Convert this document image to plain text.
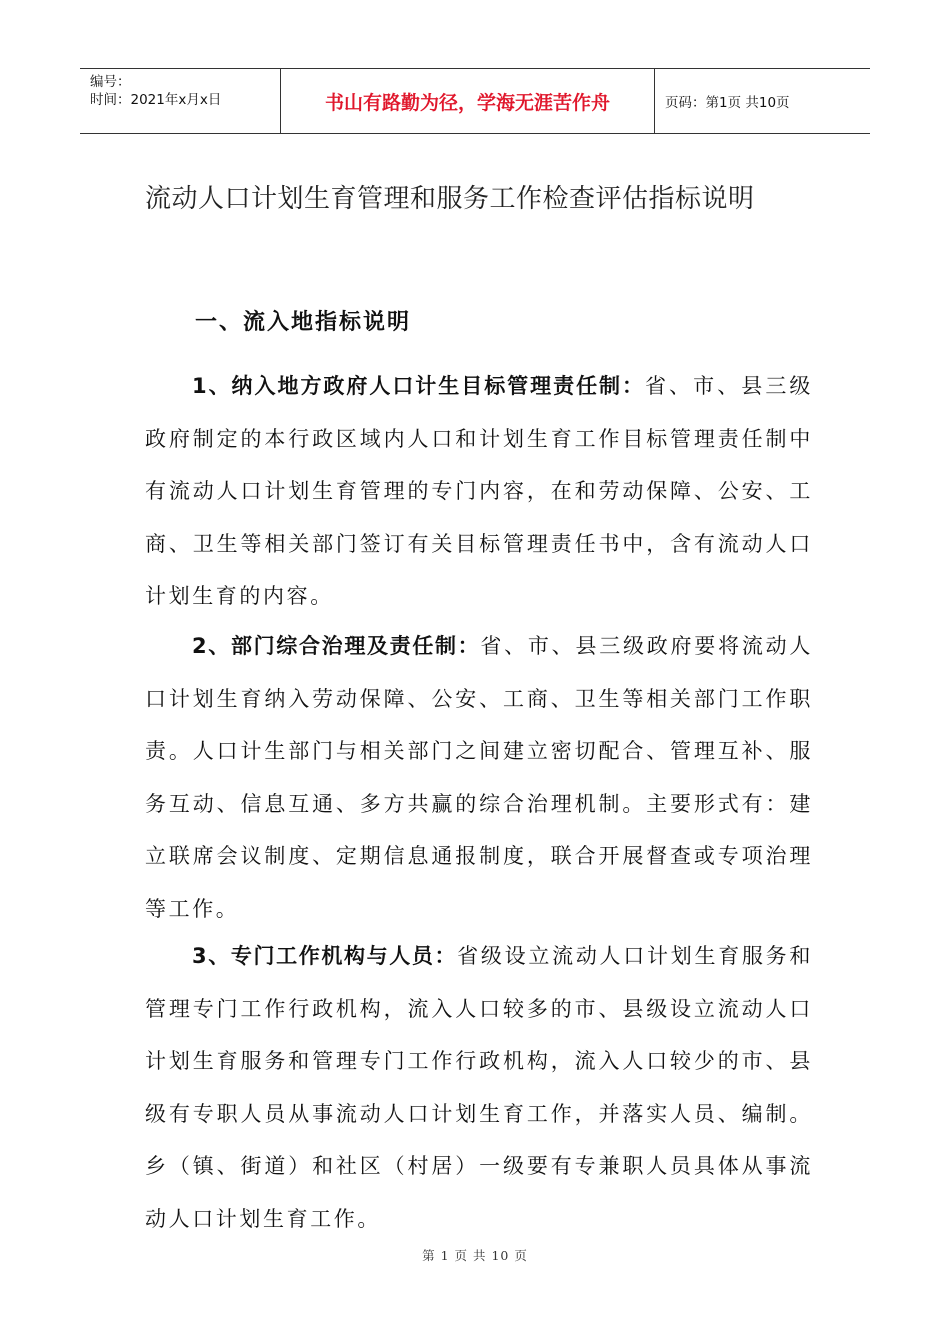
编号：
时间：2021年x月x日	书山有路勤为径，学海无涯苦作舟	页码：第1页 共10页
流动人口计划生育管理和服务工作检查评估指标说明
一、流入地指标说明

1、纳入地方政府人口计生目标管理责任制：省、市、县三级政府制定的本行政区域内人口和计划生育工作目标管理责任制中有流动人口计划生育管理的专门内容，在和劳动保障、公安、工商、卫生等相关部门签订有关目标管理责任书中，含有流动人口计划生育的内容。

2、部门综合治理及责任制：省、市、县三级政府要将流动人口计划生育纳入劳动保障、公安、工商、卫生等相关部门工作职责。人口计生部门与相关部门之间建立密切配合、管理互补、服务互动、信息互通、多方共赢的综合治理机制。主要形式有：建立联席会议制度、定期信息通报制度，联合开展督查或专项治理等工作。

3、专门工作机构与人员：省级设立流动人口计划生育服务和管理专门工作行政机构，流入人口较多的市、县级设立流动人口计划生育服务和管理专门工作行政机构，流入人口较少的市、县级有专职人员从事流动人口计划生育工作，并落实人员、编制。乡（镇、街道）和社区（村居）一级要有专兼职人员具体从事流动人口计划生育工作。

第 1 页 共 10 页
